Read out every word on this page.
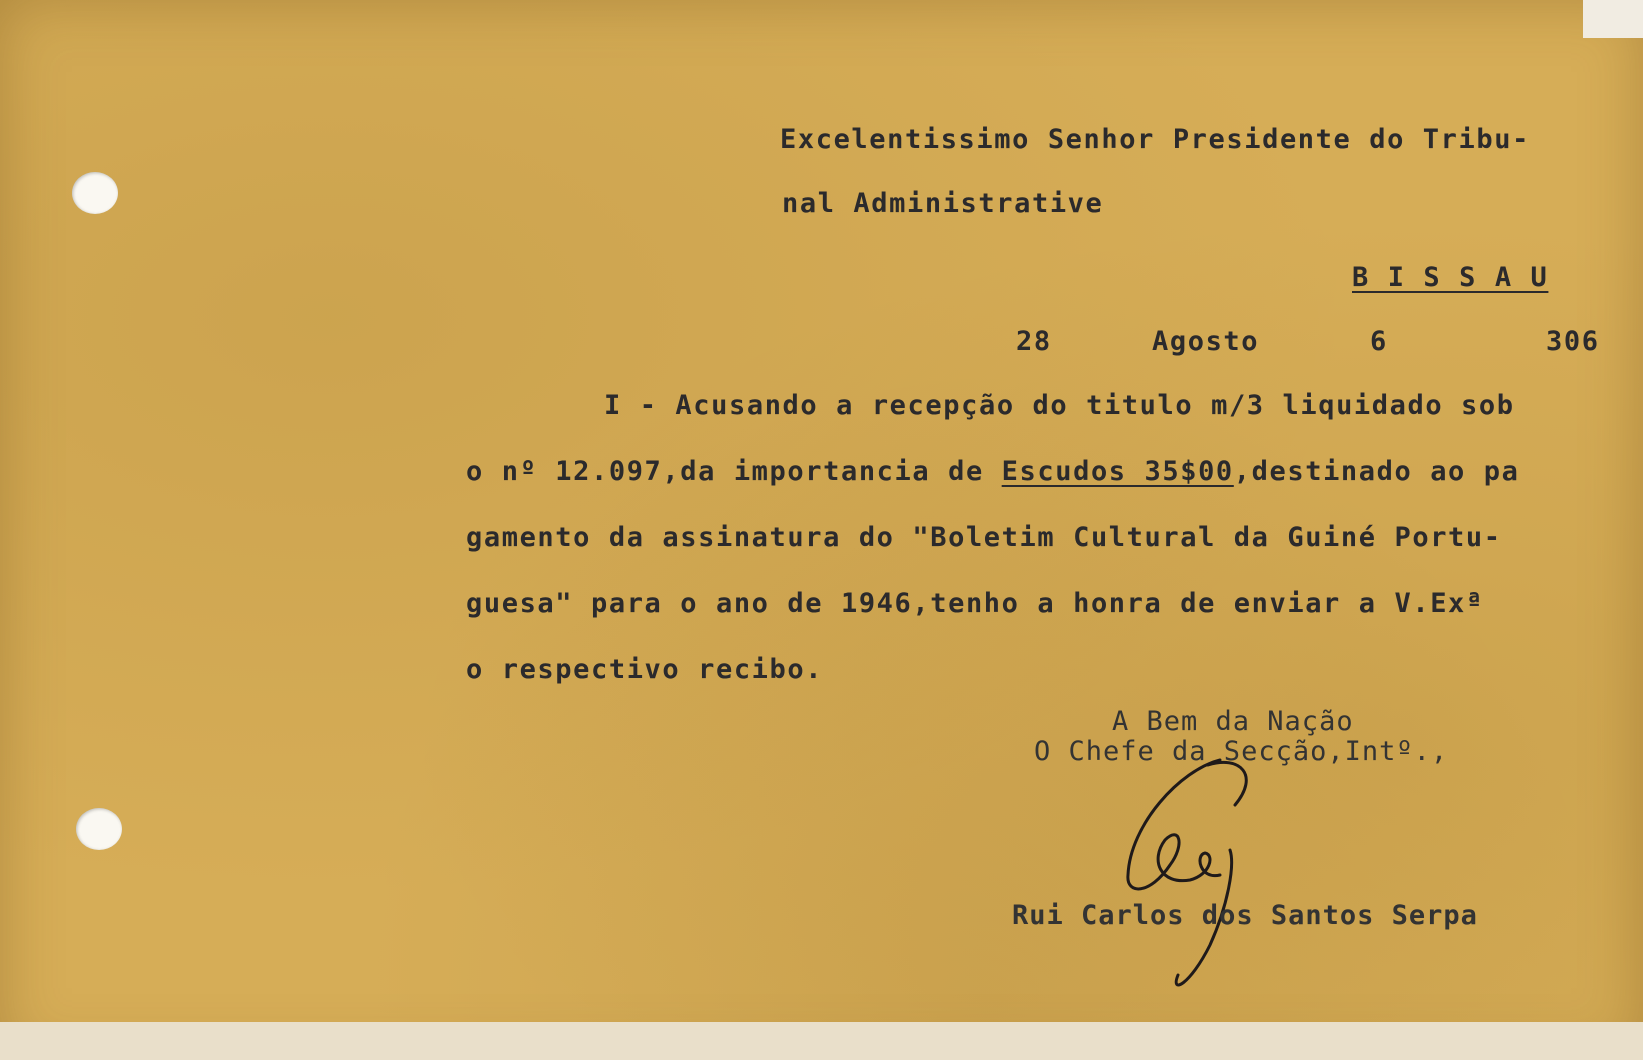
Excelentissimo Senhor Presidente do Tribu-
nal Administrative
B I S S A U
28	Agosto	6	306
I - Acusando a recepção do titulo m/3 liquidado sob
o nº 12.097,da importancia de Escudos 35$00,destinado ao pa
gamento da assinatura do "Boletim Cultural da Guiné Portu-
guesa" para o ano de 1946,tenho a honra de enviar a V.Exª
o respectivo recibo.
A Bem da Nação
O Chefe da Secção,Intº.,
Rui Carlos dos Santos Serpa
